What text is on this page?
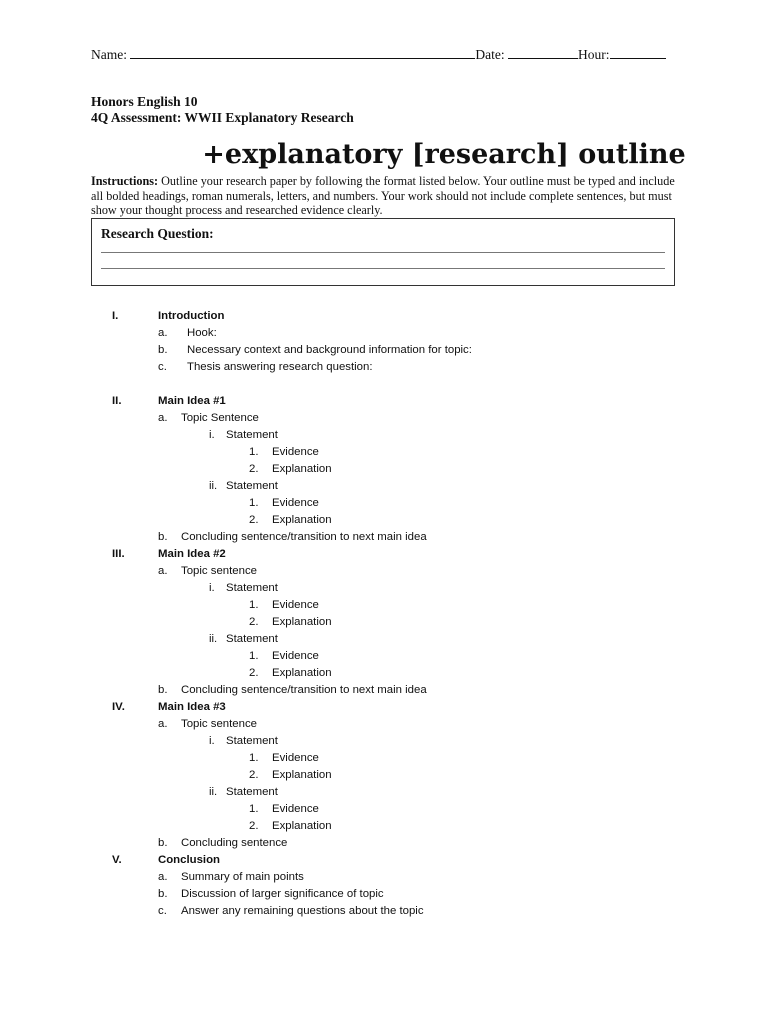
Name:	Date:	Hour:
Honors English 10
4Q Assessment: WWII Explanatory Research
+explanatory [research] outline
Instructions: Outline your research paper by following the format listed below. Your outline must be typed and include all bolded headings, roman numerals, letters, and numbers. Your work should not include complete sentences, but must show your thought process and researched evidence clearly.
Research Question:
I.	Introduction
a. Hook:
b. Necessary context and background information for topic:
c. Thesis answering research question:
II.	Main Idea #1
a. Topic Sentence
i. Statement
1. Evidence
2. Explanation
ii. Statement
1. Evidence
2. Explanation
b. Concluding sentence/transition to next main idea
III.	Main Idea #2
a. Topic sentence
i. Statement
1. Evidence
2. Explanation
ii. Statement
1. Evidence
2. Explanation
b. Concluding sentence/transition to next main idea
IV.	Main Idea #3
a. Topic sentence
i. Statement
1. Evidence
2. Explanation
ii. Statement
1. Evidence
2. Explanation
b. Concluding sentence
V.	Conclusion
a. Summary of main points
b. Discussion of larger significance of topic
c. Answer any remaining questions about the topic
